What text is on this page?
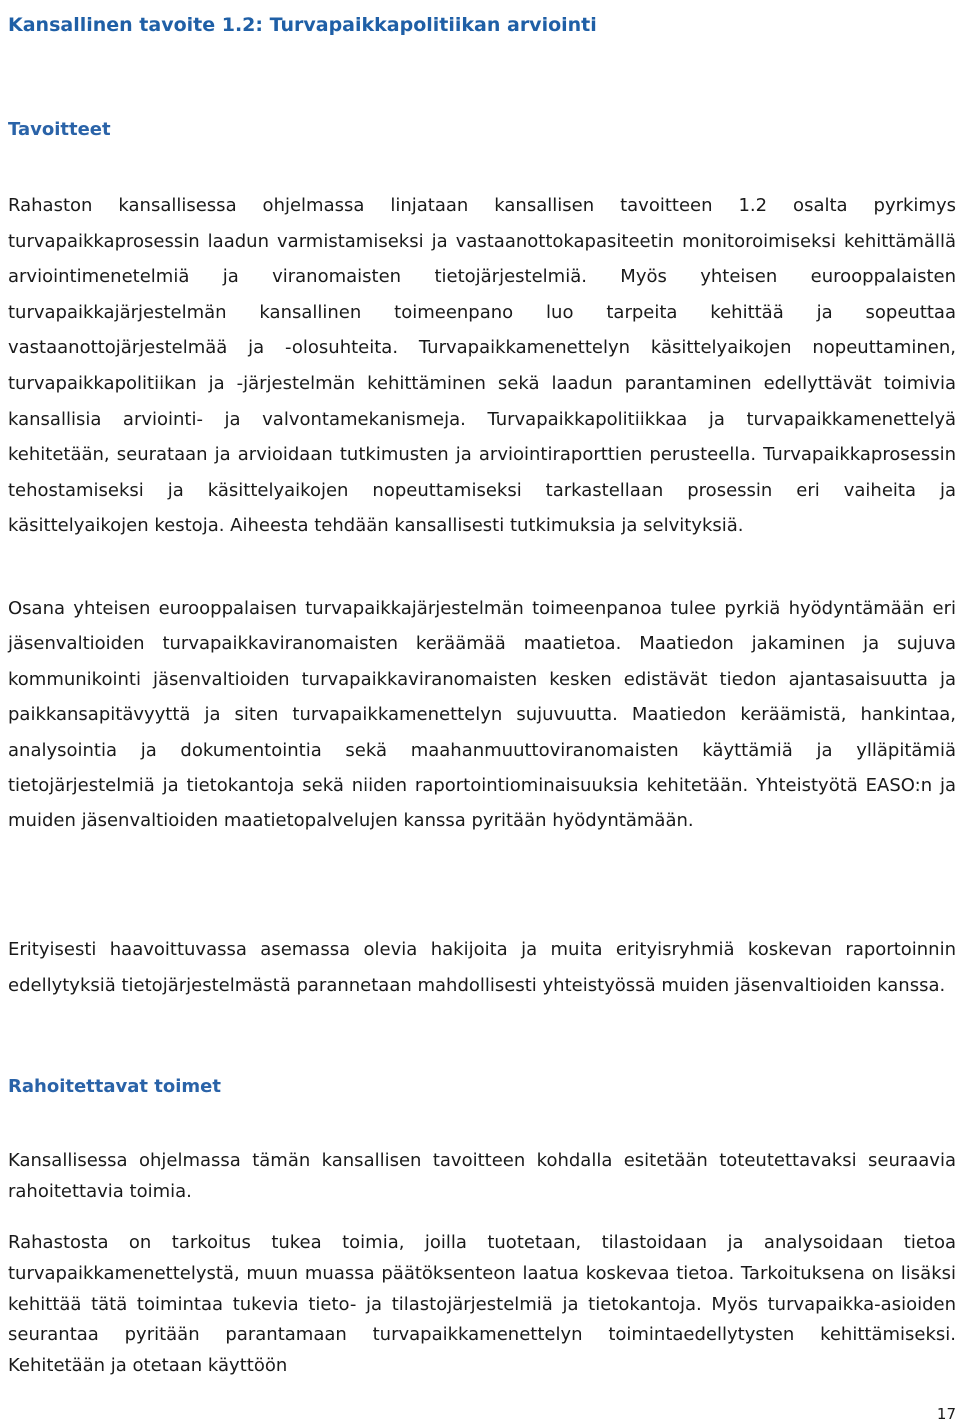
Kansallinen tavoite 1.2: Turvapaikkapolitiikan arviointi
Tavoitteet

Rahaston kansallisessa ohjelmassa linjataan kansallisen tavoitteen 1.2 osalta pyrkimys turvapaikkaprosessin laadun varmistamiseksi ja vastaanottokapasiteetin monitoroimiseksi kehittämällä arviointimenetelmiä ja viranomaisten tietojärjestelmiä. Myös yhteisen eurooppalaisten turvapaikkajärjestelmän kansallinen toimeenpano luo tarpeita kehittää ja sopeuttaa vastaanottojärjestelmää ja -olosuhteita. Turvapaikkamenettelyn käsittelyaikojen nopeuttaminen, turvapaikkapolitiikan ja -järjestelmän kehittäminen sekä laadun parantaminen edellyttävät toimivia kansallisia arviointi- ja valvontamekanismeja. Turvapaikkapolitiikkaa ja turvapaikkamenettelyä kehitetään, seurataan ja arvioidaan tutkimusten ja arviointiraporttien perusteella. Turvapaikkaprosessin tehostamiseksi ja käsittelyaikojen nopeuttamiseksi tarkastellaan prosessin eri vaiheita ja käsittelyaikojen kestoja. Aiheesta tehdään kansallisesti tutkimuksia ja selvityksiä.

Osana yhteisen eurooppalaisen turvapaikkajärjestelmän toimeenpanoa tulee pyrkiä hyödyntämään eri jäsenvaltioiden turvapaikkaviranomaisten keräämää maatietoa. Maatiedon jakaminen ja sujuva kommunikointi jäsenvaltioiden turvapaikkaviranomaisten kesken edistävät tiedon ajantasaisuutta ja paikkansapitävyyttä ja siten turvapaikkamenettelyn sujuvuutta. Maatiedon keräämistä, hankintaa, analysointia ja dokumentointia sekä maahanmuuttoviranomaisten käyttämiä ja ylläpitämiä tietojärjestelmiä ja tietokantoja sekä niiden raportointiominaisuuksia kehitetään. Yhteistyötä EASO:n ja muiden jäsenvaltioiden maatietopalvelujen kanssa pyritään hyödyntämään.

Erityisesti haavoittuvassa asemassa olevia hakijoita ja muita erityisryhmiä koskevan raportoinnin edellytyksiä tietojärjestelmästä parannetaan mahdollisesti yhteistyössä muiden jäsenvaltioiden kanssa.

Rahoitettavat toimet

Kansallisessa ohjelmassa tämän kansallisen tavoitteen kohdalla esitetään toteutettavaksi seuraavia rahoitettavia toimia.

Rahastosta on tarkoitus tukea toimia, joilla tuotetaan, tilastoidaan ja analysoidaan tietoa turvapaikkamenettelystä, muun muassa päätöksenteon laatua koskevaa tietoa. Tarkoituksena on lisäksi kehittää tätä toimintaa tukevia tieto- ja tilastojärjestelmiä ja tietokantoja. Myös turvapaikka-asioiden seurantaa pyritään parantamaan turvapaikkamenettelyn toimintaedellytysten kehittämiseksi. Kehitetään ja otetaan käyttöön

17
